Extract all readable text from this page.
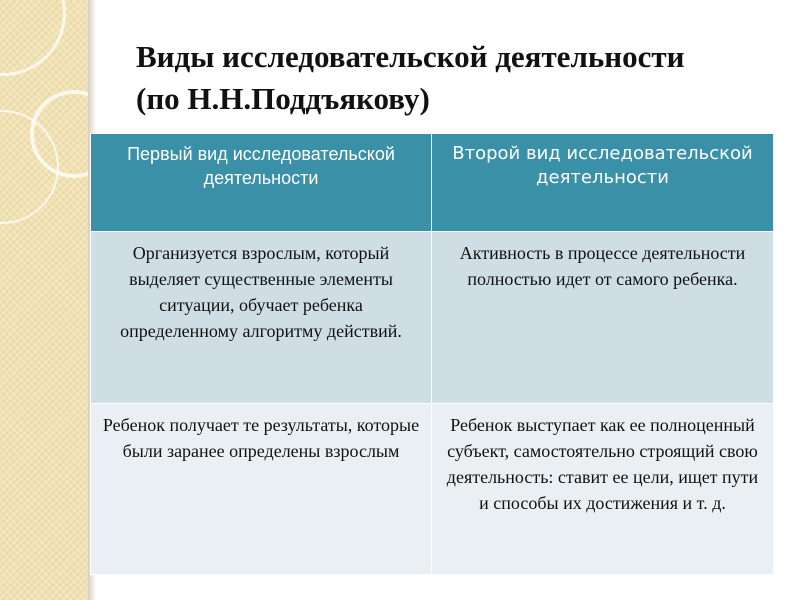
Виды исследовательской деятельности
(по Н.Н.Поддъякову)
Первый вид исследовательской деятельности	Второй вид исследовательской деятельности
Организуется взрослым, который выделяет существенные элементы ситуации, обучает ребенка определенному алгоритму действий.	Активность в процессе деятельности полностью идет от самого ребенка.
Ребенок получает те результаты, которые были заранее определены взрослым	Ребенок выступает как ее полноценный субъект, самостоятельно строящий свою деятельность: ставит ее цели, ищет пути и способы их достижения и т. д.
